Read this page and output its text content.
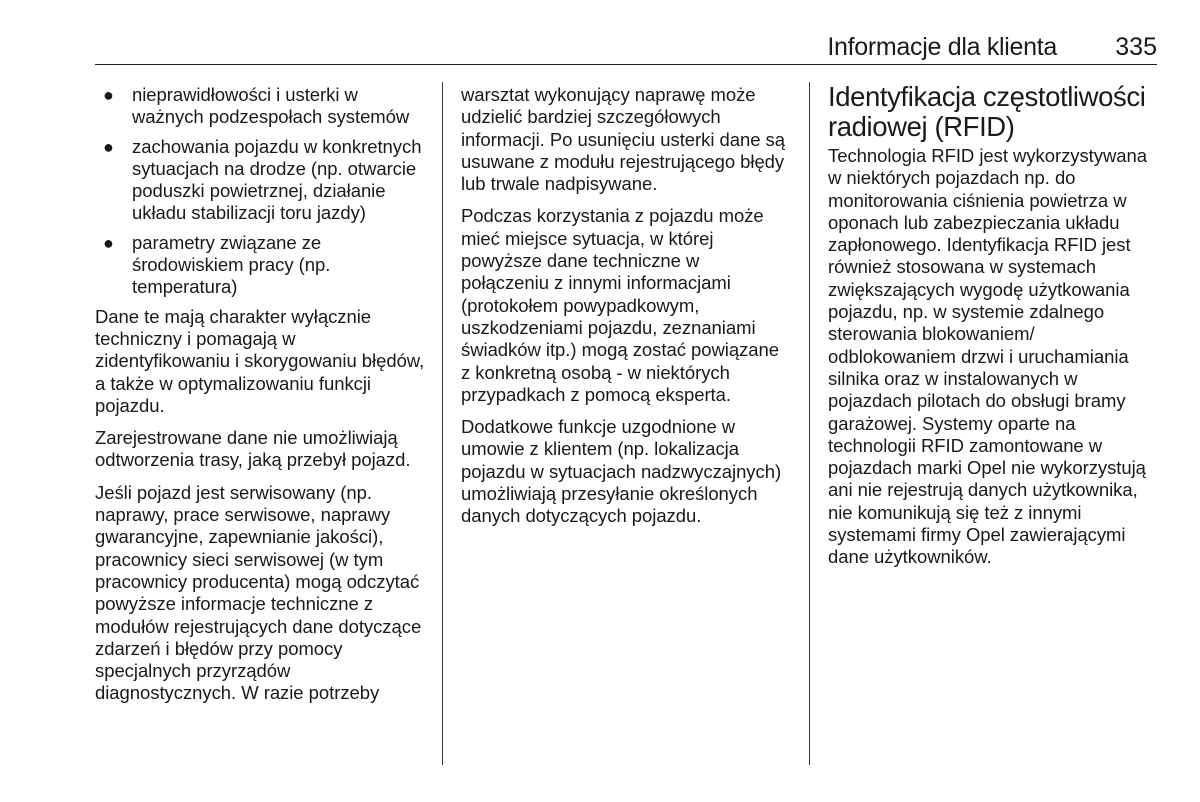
Informacje dla klienta 335
● nieprawidłowości i usterki w ważnych podzespołach systemów
● zachowania pojazdu w konkretnych sytuacjach na drodze (np. otwarcie poduszki powietrznej, działanie układu stabilizacji toru jazdy)
● parametry związane ze środowiskiem pracy (np. temperatura)

Dane te mają charakter wyłącznie techniczny i pomagają w zidentyfikowaniu i skorygowaniu błędów, a także w optymalizowaniu funkcji pojazdu.

Zarejestrowane dane nie umożliwiają odtworzenia trasy, jaką przebył pojazd.

Jeśli pojazd jest serwisowany (np. naprawy, prace serwisowe, naprawy gwarancyjne, zapewnianie jakości), pracownicy sieci serwisowej (w tym pracownicy producenta) mogą odczytać powyższe informacje techniczne z modułów rejestrujących dane dotyczące zdarzeń i błędów przy pomocy specjalnych przyrządów diagnostycznych. W razie potrzeby

warsztat wykonujący naprawę może udzielić bardziej szczegółowych informacji. Po usunięciu usterki dane są usuwane z modułu rejestrującego błędy lub trwale nadpisywane.

Podczas korzystania z pojazdu może mieć miejsce sytuacja, w której powyższe dane techniczne w połączeniu z innymi informacjami (protokołem powypadkowym, uszkodzeniami pojazdu, zeznaniami świadków itp.) mogą zostać powiązane z konkretną osobą - w niektórych przypadkach z pomocą eksperta.

Dodatkowe funkcje uzgodnione w umowie z klientem (np. lokalizacja pojazdu w sytuacjach nadzwyczajnych) umożliwiają przesyłanie określonych danych dotyczących pojazdu.

Identyfikacja częstotliwości radiowej (RFID)

Technologia RFID jest wykorzystywana w niektórych pojazdach np. do monitorowania ciśnienia powietrza w oponach lub zabezpieczania układu zapłonowego. Identyfikacja RFID jest również stosowana w systemach zwiększających wygodę użytkowania pojazdu, np. w systemie zdalnego sterowania blokowaniem/ odblokowaniem drzwi i uruchamiania silnika oraz w instalowanych w pojazdach pilotach do obsługi bramy garażowej. Systemy oparte na technologii RFID zamontowane w pojazdach marki Opel nie wykorzystują ani nie rejestrują danych użytkownika, nie komunikują się też z innymi systemami firmy Opel zawierającymi dane użytkowników.
